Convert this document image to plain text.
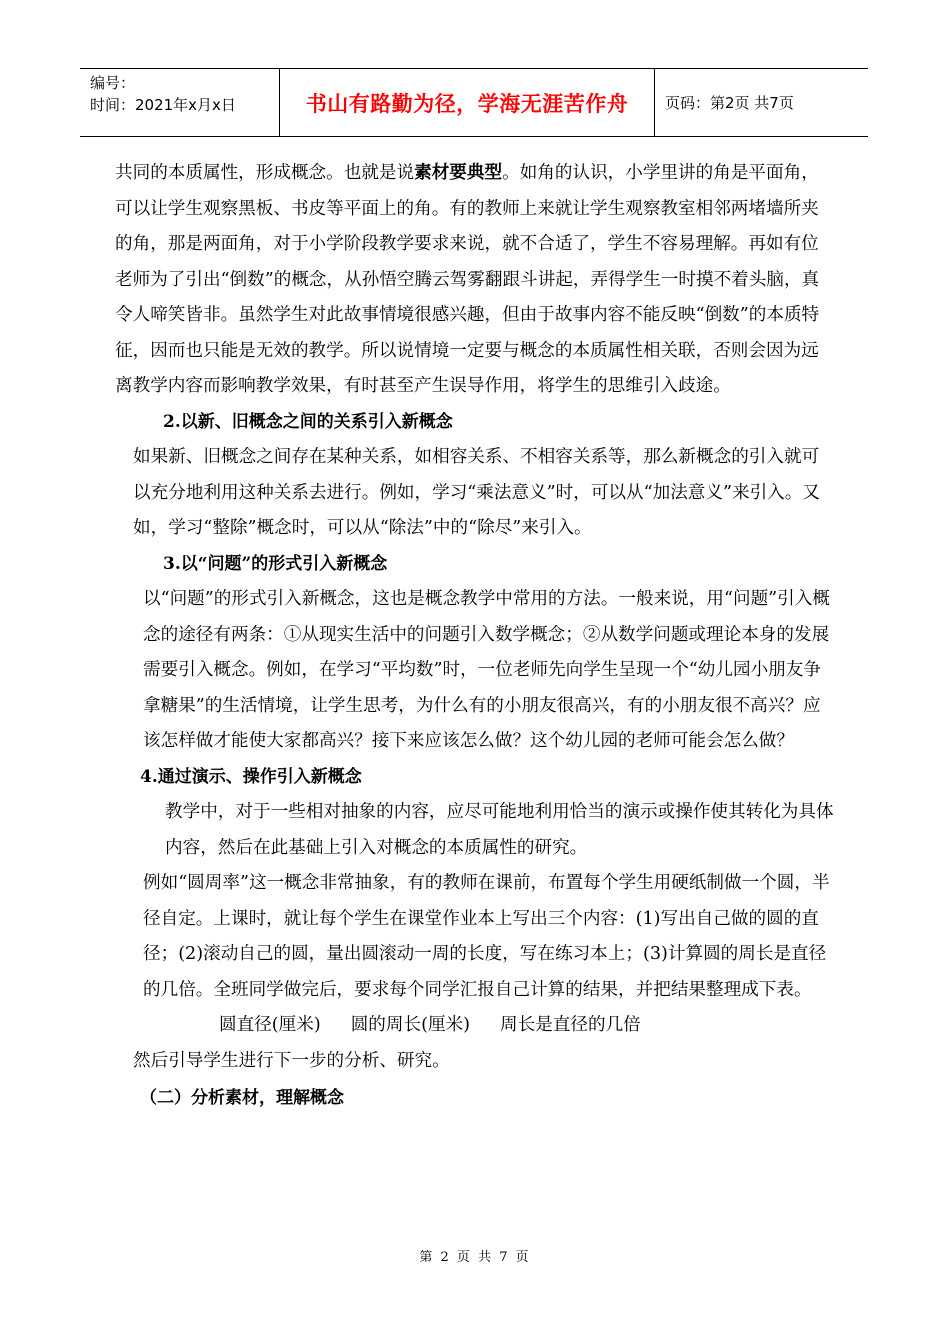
编号：
时间：2021年x月x日	书山有路勤为径，学海无涯苦作舟	页码：第2页 共7页

共同的本质属性，形成概念。也就是说素材要典型。如角的认识，小学里讲的角是平面角，可以让学生观察黑板、书皮等平面上的角。有的教师上来就让学生观察教室相邻两堵墙所夹的角，那是两面角，对于小学阶段教学要求来说，就不合适了，学生不容易理解。再如有位老师为了引出“倒数”的概念，从孙悟空腾云驾雾翻跟斗讲起，弄得学生一时摸不着头脑，真令人啼笑皆非。虽然学生对此故事情境很感兴趣，但由于故事内容不能反映“倒数”的本质特征，因而也只能是无效的教学。所以说情境一定要与概念的本质属性相关联，否则会因为远离教学内容而影响教学效果，有时甚至产生误导作用，将学生的思维引入歧途。

2.以新、旧概念之间的关系引入新概念

如果新、旧概念之间存在某种关系，如相容关系、不相容关系等，那么新概念的引入就可以充分地利用这种关系去进行。例如，学习“乘法意义”时，可以从“加法意义”来引入。又如，学习“整除”概念时，可以从“除法”中的“除尽”来引入。

3.以“问题”的形式引入新概念

以“问题”的形式引入新概念，这也是概念教学中常用的方法。一般来说，用“问题”引入概念的途径有两条：①从现实生活中的问题引入数学概念；②从数学问题或理论本身的发展需要引入概念。例如，在学习“平均数”时，一位老师先向学生呈现一个“幼儿园小朋友争拿糖果”的生活情境，让学生思考，为什么有的小朋友很高兴，有的小朋友很不高兴？应该怎样做才能使大家都高兴？接下来应该怎么做？这个幼儿园的老师可能会怎么做？

4.通过演示、操作引入新概念

教学中，对于一些相对抽象的内容，应尽可能地利用恰当的演示或操作使其转化为具体内容，然后在此基础上引入对概念的本质属性的研究。

例如“圆周率”这一概念非常抽象，有的教师在课前，布置每个学生用硬纸制做一个圆，半径自定。上课时，就让每个学生在课堂作业本上写出三个内容：(1)写出自己做的圆的直径；(2)滚动自己的圆，量出圆滚动一周的长度，写在练习本上；(3)计算圆的周长是直径的几倍。全班同学做完后，要求每个同学汇报自己计算的结果，并把结果整理成下表。圆直径(厘米) 圆的周长(厘米) 周长是直径的几倍

然后引导学生进行下一步的分析、研究。

（二）分析素材，理解概念

第 2 页 共 7 页
